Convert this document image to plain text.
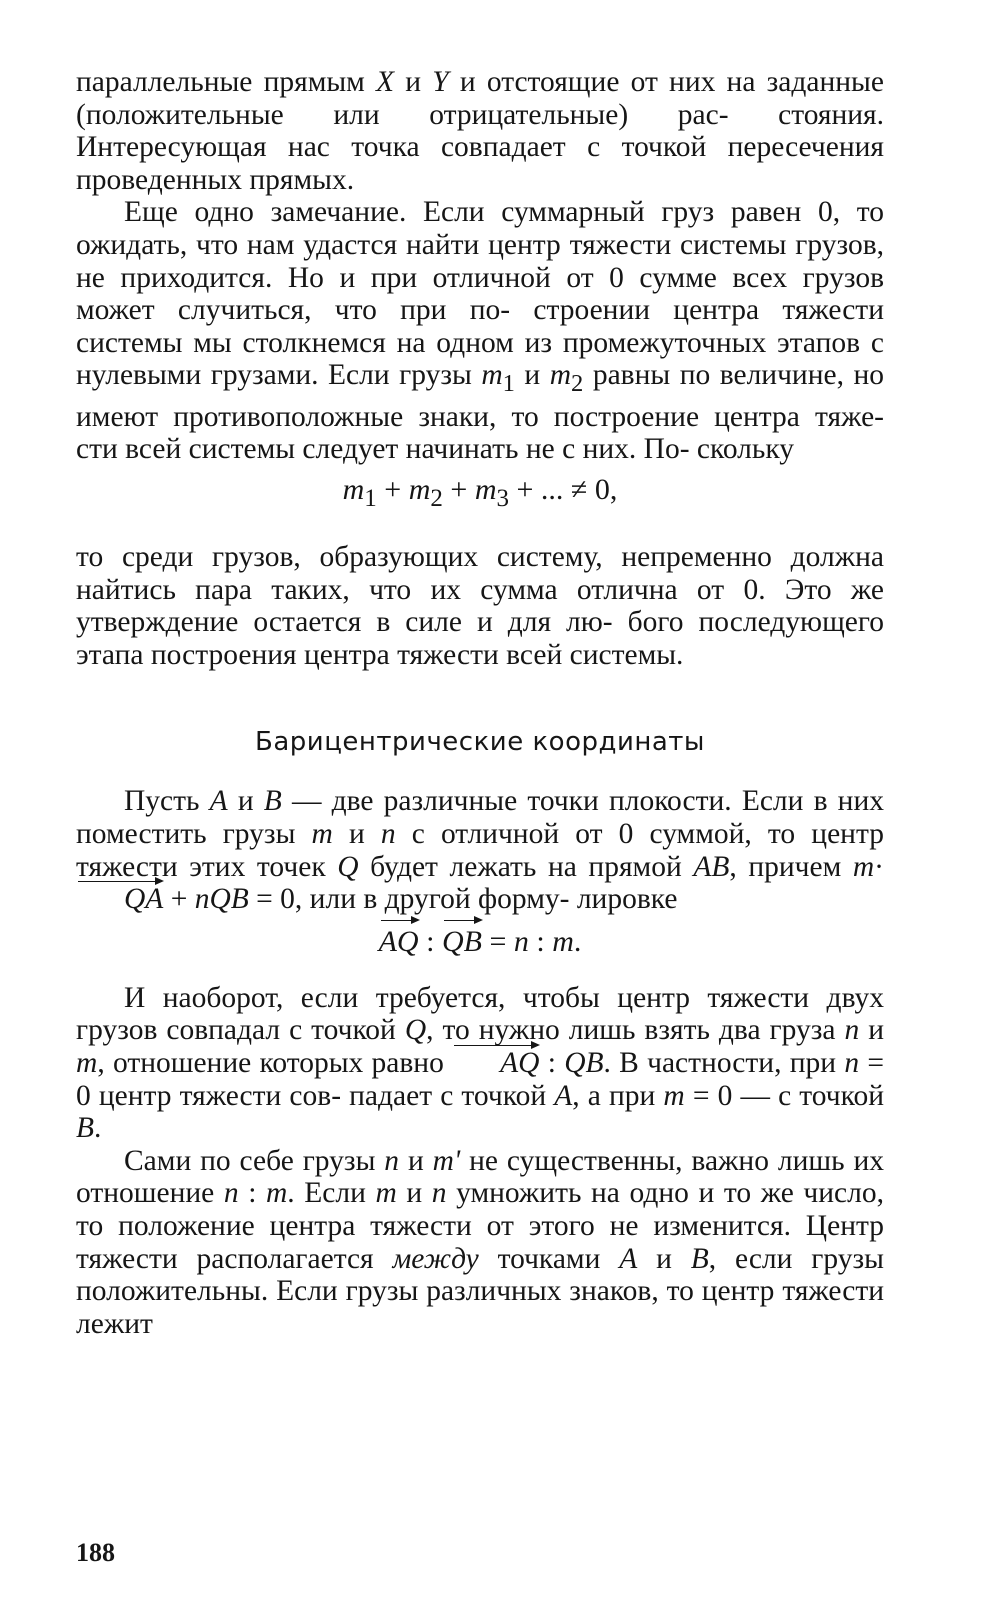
параллельные прямым X и Y и отстоящие от них на заданные (положительные или отрицательные) рас- стояния. Интересующая нас точка совпадает с точкой пересечения проведенных прямых.

Еще одно замечание. Если суммарный груз равен 0, то ожидать, что нам удастся найти центр тяжести системы грузов, не приходится. Но и при отличной от 0 сумме всех грузов может случиться, что при по- строении центра тяжести системы мы столкнемся на одном из промежуточных этапов с нулевыми грузами. Если грузы $m_1$ и $m_2$ равны по величине, но имеют противоположные знаки, то построение центра тяже- сти всей системы следует начинать не с них. По- скольку

$m_1 + m_2 + m_3$ + ... ≠ 0,

то среди грузов, образующих систему, непременно должна найтись пара таких, что их сумма отлична от 0. Это же утверждение остается в силе и для лю- бого последующего этапа построения центра тяжести всей системы.

Барицентрические координаты

Пусть A и B — две различные точки плокости. Если в них поместить грузы m и n с отличной от 0 суммой, то центр тяжести этих точек Q будет лежать на прямой AB, причем m·QA + nQB = 0, или в другой форму- лировке

AQ : QB = n : m.

И наоборот, если требуется, чтобы центр тяжести двух грузов совпадал с точкой Q, то нужно лишь взять два груза n и m, отношение которых равно AQ : QB. В частности, при n = 0 центр тяжести сов- падает с точкой A, а при m = 0 — с точкой B.

Сами по себе грузы n и m' не существенны, важно лишь их отношение n : m. Если m и n умножить на одно и то же число, то положение центра тяжести от этого не изменится. Центр тяжести располагается между точками A и B, если грузы положительны. Если грузы различных знаков, то центр тяжести лежит

188
